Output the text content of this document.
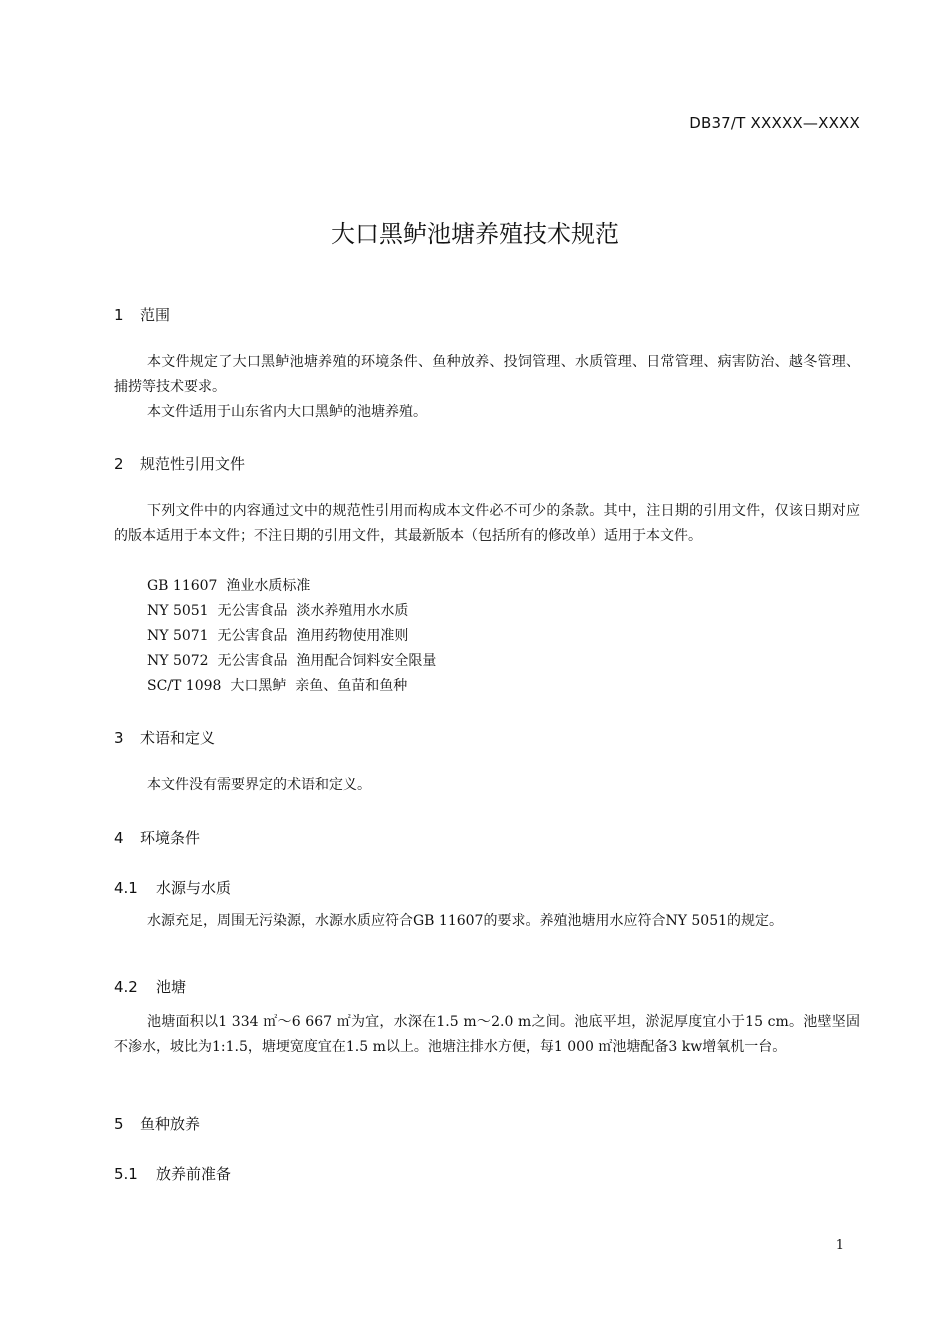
DB37/T XXXXX—XXXX
大口黑鲈池塘养殖技术规范
1 范围
本文件规定了大口黑鲈池塘养殖的环境条件、鱼种放养、投饲管理、水质管理、日常管理、病害防治、越冬管理、捕捞等技术要求。
本文件适用于山东省内大口黑鲈的池塘养殖。
2 规范性引用文件
下列文件中的内容通过文中的规范性引用而构成本文件必不可少的条款。其中，注日期的引用文件，仅该日期对应的版本适用于本文件；不注日期的引用文件，其最新版本（包括所有的修改单）适用于本文件。
GB 11607  渔业水质标准
NY 5051  无公害食品  淡水养殖用水水质
NY 5071  无公害食品  渔用药物使用准则
NY 5072  无公害食品  渔用配合饲料安全限量
SC/T 1098  大口黑鲈  亲鱼、鱼苗和鱼种
3 术语和定义
本文件没有需要界定的术语和定义。
4 环境条件
4.1 水源与水质
水源充足，周围无污染源，水源水质应符合GB 11607的要求。养殖池塘用水应符合NY 5051的规定。
4.2 池塘
池塘面积以1 334 ㎡～6 667 ㎡为宜，水深在1.5 m～2.0 m之间。池底平坦，淤泥厚度宜小于15 cm。池壁坚固不渗水，坡比为1:1.5，塘埂宽度宜在1.5 m以上。池塘注排水方便，每1 000 ㎡池塘配备3 kw增氧机一台。
5 鱼种放养
5.1 放养前准备
1
